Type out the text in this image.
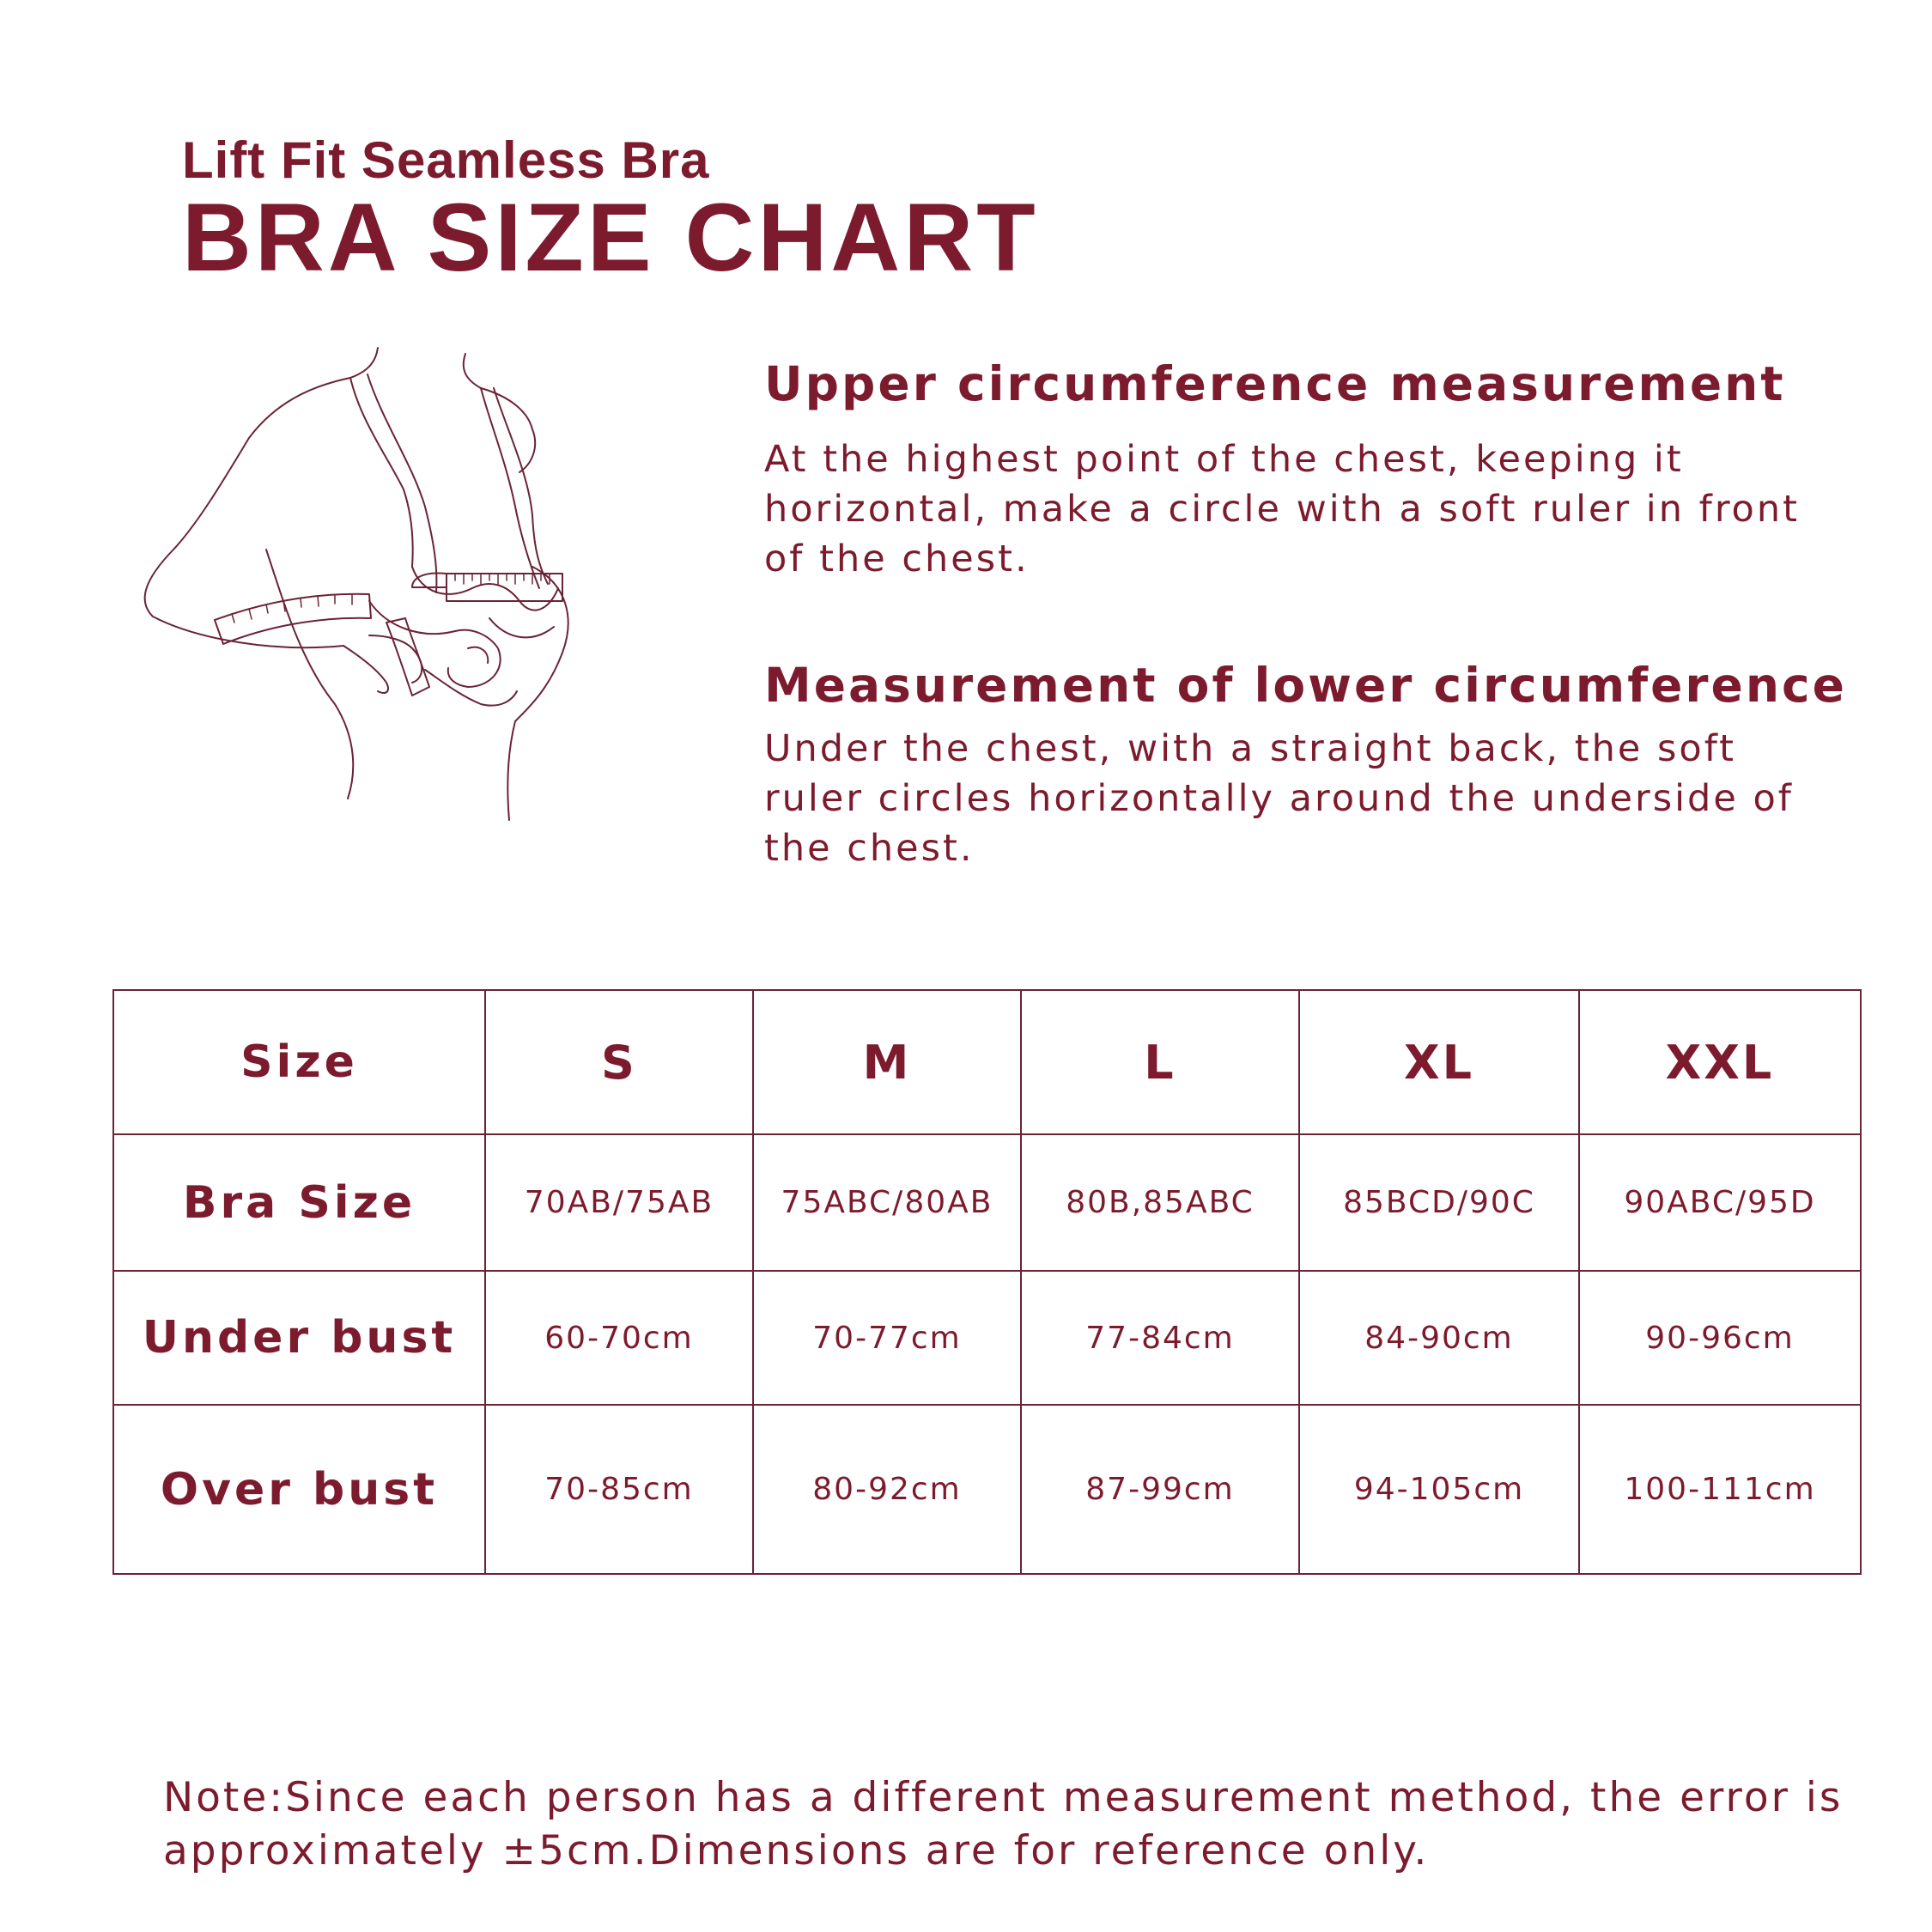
Lift Fit Seamless Bra
BRA SIZE CHART
Upper circumference measurement
At the highest point of the chest, keeping it horizontal, make a circle with a soft ruler in front of the chest.
Measurement of lower circumference
Under the chest, with a straight back, the soft ruler circles horizontally around the underside of the chest.
Size	S	M	L	XL	XXL
Bra Size	70AB/75AB	75ABC/80AB	80B,85ABC	85BCD/90C	90ABC/95D
Under bust	60-70cm	70-77cm	77-84cm	84-90cm	90-96cm
Over bust	70-85cm	80-92cm	87-99cm	94-105cm	100-111cm
Note:Since each person has a different measurement method, the error is approximately ±5cm.Dimensions are for reference only.
